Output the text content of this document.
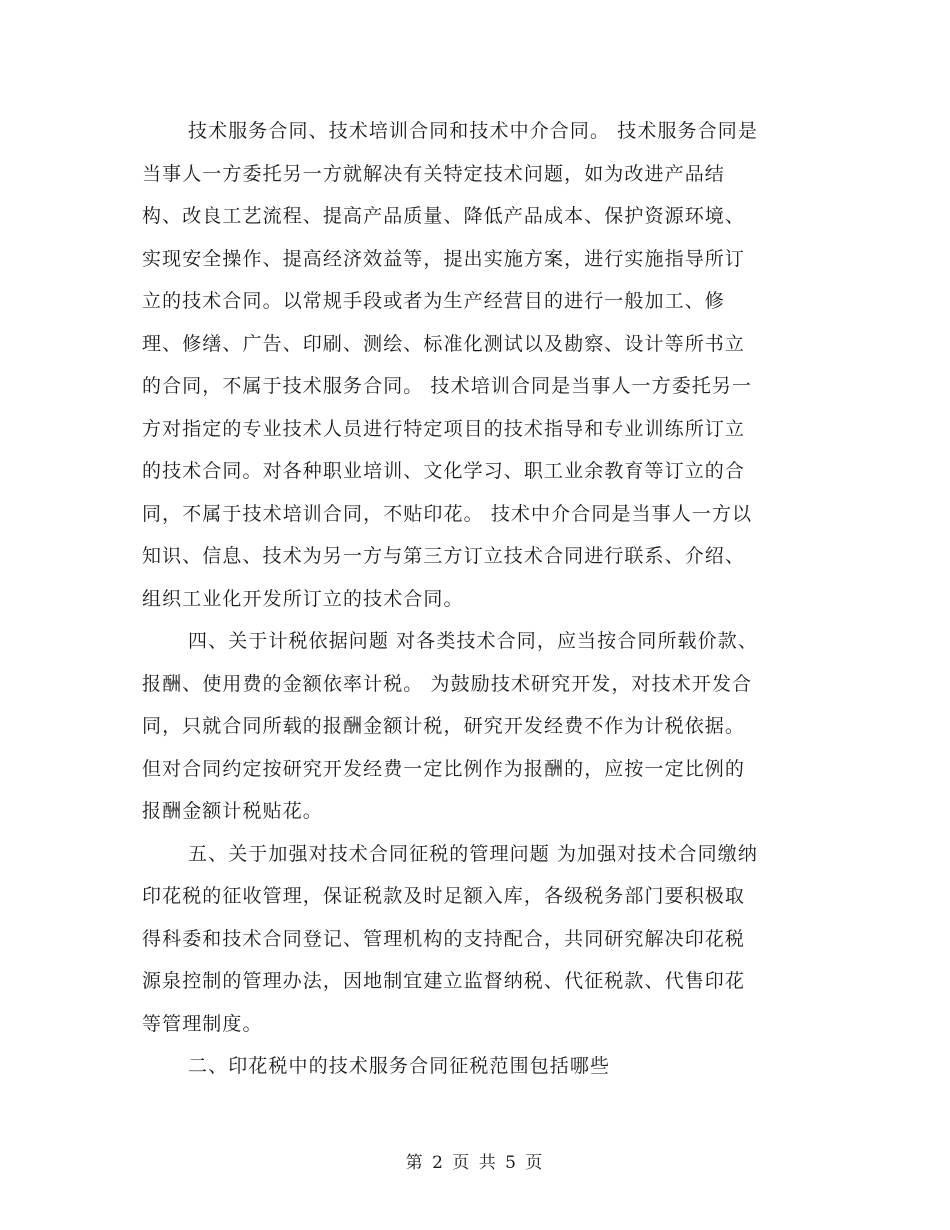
技术服务合同、技术培训合同和技术中介合同。 技术服务合同是
当事人一方委托另一方就解决有关特定技术问题，如为改进产品结
构、改良工艺流程、提高产品质量、降低产品成本、保护资源环境、
实现安全操作、提高经济效益等，提出实施方案，进行实施指导所订
立的技术合同。以常规手段或者为生产经营目的进行一般加工、修
理、修缮、广告、印刷、测绘、标准化测试以及勘察、设计等所书立
的合同，不属于技术服务合同。 技术培训合同是当事人一方委托另一
方对指定的专业技术人员进行特定项目的技术指导和专业训练所订立
的技术合同。对各种职业培训、文化学习、职工业余教育等订立的合
同，不属于技术培训合同，不贴印花。 技术中介合同是当事人一方以
知识、信息、技术为另一方与第三方订立技术合同进行联系、介绍、
组织工业化开发所订立的技术合同。
四、关于计税依据问题 对各类技术合同，应当按合同所载价款、
报酬、使用费的金额依率计税。 为鼓励技术研究开发，对技术开发合
同，只就合同所载的报酬金额计税，研究开发经费不作为计税依据。
但对合同约定按研究开发经费一定比例作为报酬的，应按一定比例的
报酬金额计税贴花。
五、关于加强对技术合同征税的管理问题 为加强对技术合同缴纳
印花税的征收管理，保证税款及时足额入库，各级税务部门要积极取
得科委和技术合同登记、管理机构的支持配合，共同研究解决印花税
源泉控制的管理办法，因地制宜建立监督纳税、代征税款、代售印花
等管理制度。
二、印花税中的技术服务合同征税范围包括哪些
第 2 页 共 5 页
